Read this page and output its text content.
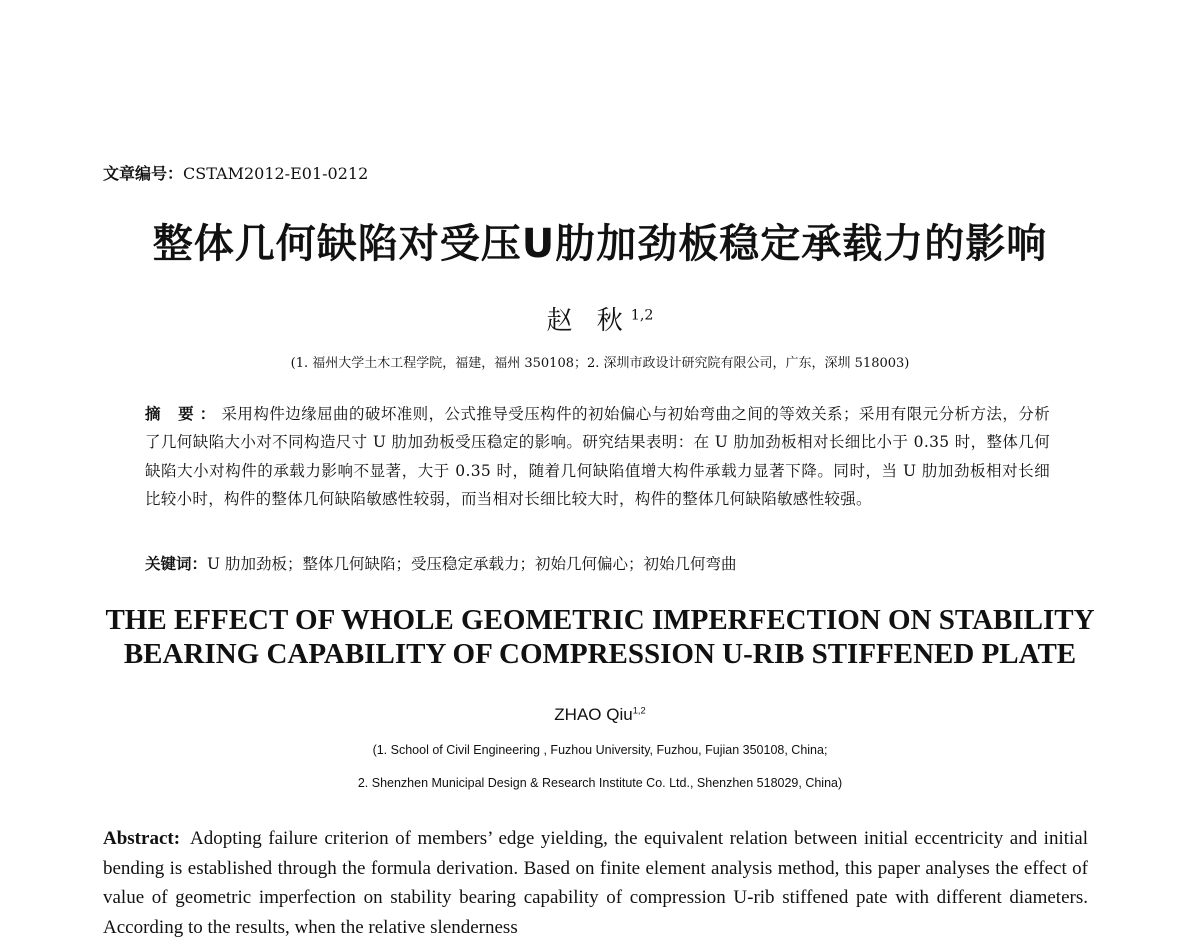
文章编号：CSTAM2012-E01-0212
整体几何缺陷对受压U肋加劲板稳定承载力的影响
赵 秋$^{1,2}$
(1. 福州大学土木工程学院，福建，福州 350108；2. 深圳市政设计研究院有限公司，广东，深圳 518003)
摘 要：采用构件边缘屈曲的破坏准则，公式推导受压构件的初始偏心与初始弯曲之间的等效关系；采用有限元分析方法，分析了几何缺陷大小对不同构造尺寸 U 肋加劲板受压稳定的影响。研究结果表明：在 U 肋加劲板相对长细比小于 0.35 时，整体几何缺陷大小对构件的承载力影响不显著，大于 0.35 时，随着几何缺陷值增大构件承载力显著下降。同时，当 U 肋加劲板相对长细比较小时，构件的整体几何缺陷敏感性较弱，而当相对长细比较大时，构件的整体几何缺陷敏感性较强。
关键词：U 肋加劲板；整体几何缺陷；受压稳定承载力；初始几何偏心；初始几何弯曲
THE EFFECT OF WHOLE GEOMETRIC IMPERFECTION ON STABILITY
BEARING CAPABILITY OF COMPRESSION U-RIB STIFFENED PLATE
ZHAO Qiu$^{1,2}$
(1. School of Civil Engineering , Fuzhou University, Fuzhou, Fujian 350108, China;
2. Shenzhen Municipal Design & Research Institute Co. Ltd., Shenzhen 518029, China)
Abstract: Adopting failure criterion of members’ edge yielding, the equivalent relation between initial eccentricity and initial bending is established through the formula derivation. Based on finite element analysis method, this paper analyses the effect of value of geometric imperfection on stability bearing capability of compression U-rib stiffened pate with different diameters. According to the results, when the relative slenderness
